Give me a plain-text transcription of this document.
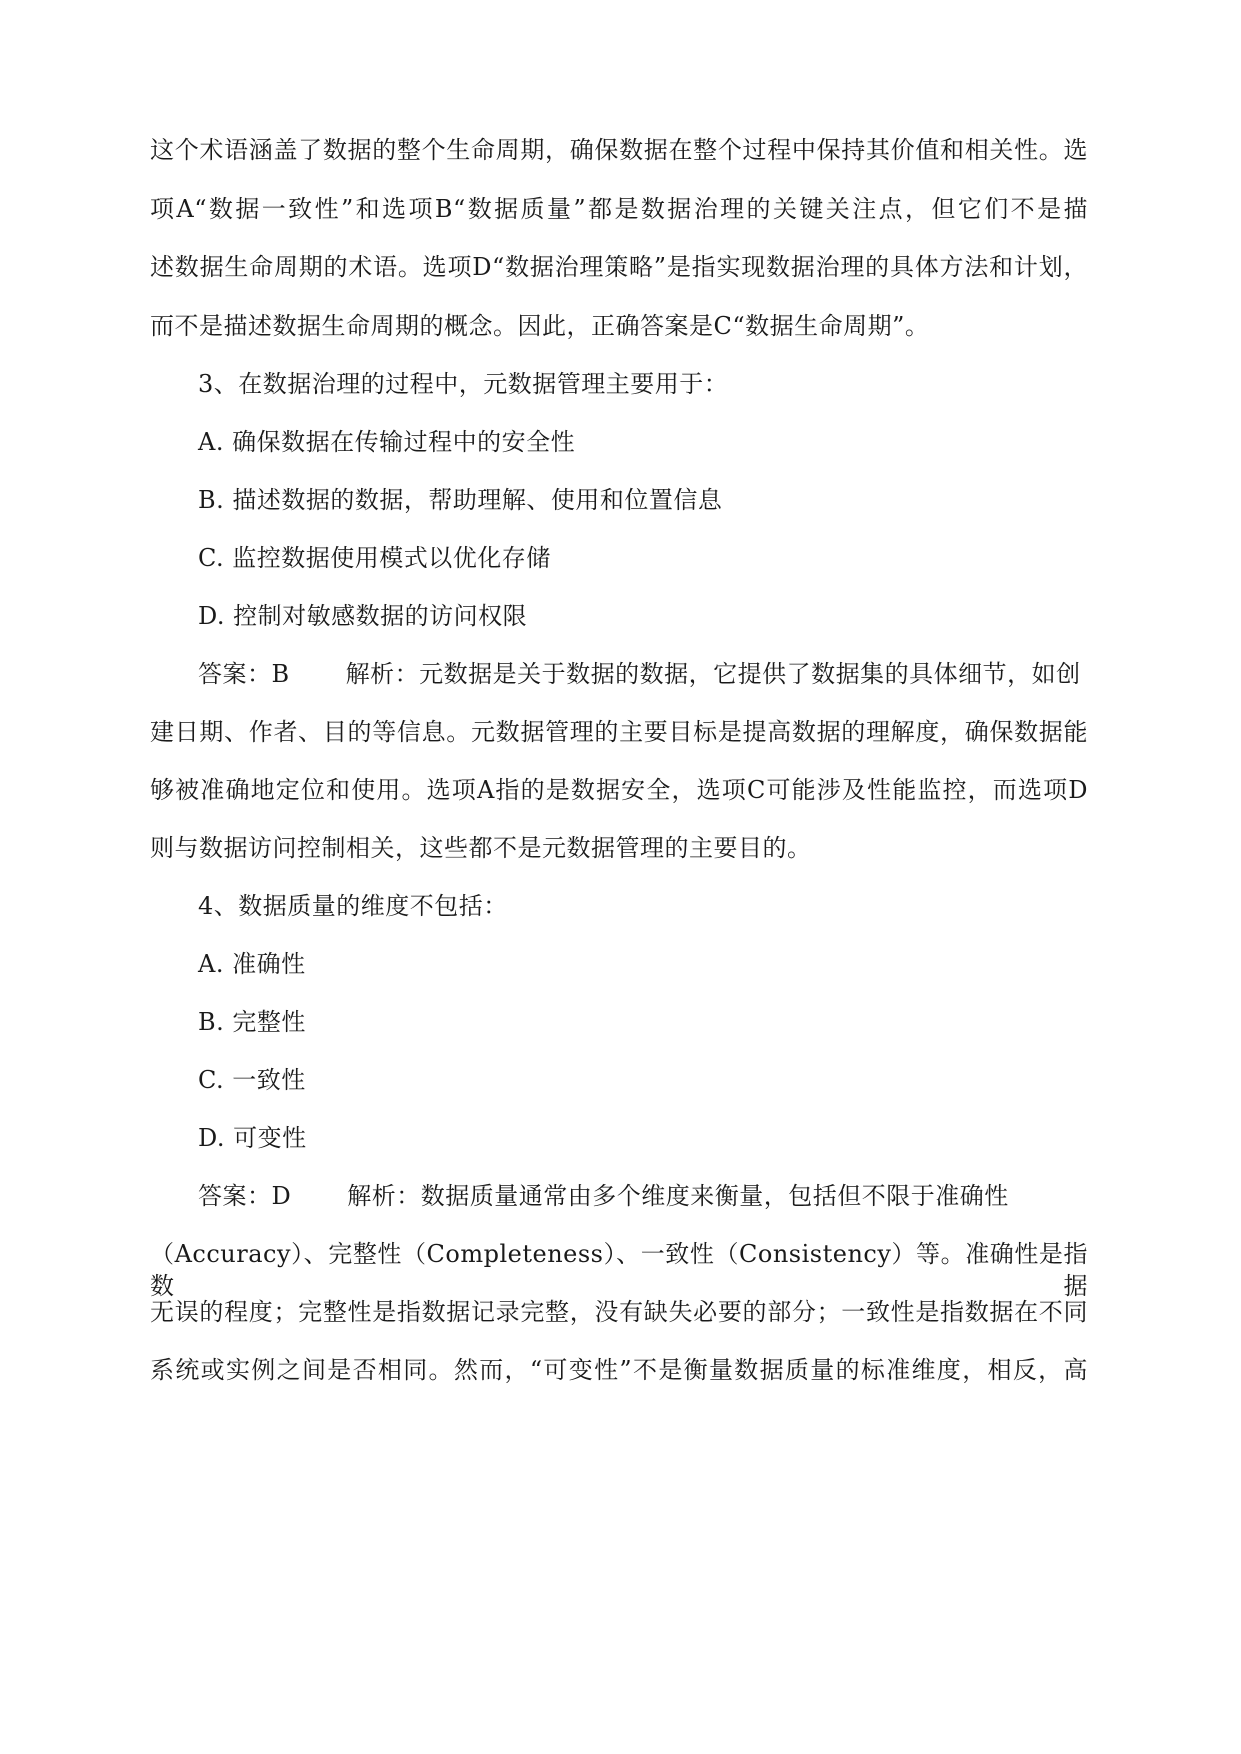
这个术语涵盖了数据的整个生命周期，确保数据在整个过程中保持其价值和相关性。选
项A“数据一致性”和选项B“数据质量”都是数据治理的关键关注点，但它们不是描
述数据生命周期的术语。选项D“数据治理策略”是指实现数据治理的具体方法和计划，
而不是描述数据生命周期的概念。因此，正确答案是C“数据生命周期”。
3、在数据治理的过程中，元数据管理主要用于：
A. 确保数据在传输过程中的安全性
B. 描述数据的数据，帮助理解、使用和位置信息
C. 监控数据使用模式以优化存储
D. 控制对敏感数据的访问权限
答案：B 解析：元数据是关于数据的数据，它提供了数据集的具体细节，如创
建日期、作者、目的等信息。元数据管理的主要目标是提高数据的理解度，确保数据能
够被准确地定位和使用。选项A指的是数据安全，选项C可能涉及性能监控，而选项D
则与数据访问控制相关，这些都不是元数据管理的主要目的。
4、数据质量的维度不包括：
A. 准确性
B. 完整性
C. 一致性
D. 可变性
答案：D 解析：数据质量通常由多个维度来衡量，包括但不限于准确性
（Accuracy）、完整性（Completeness）、一致性（Consistency）等。准确性是指数据
无误的程度；完整性是指数据记录完整，没有缺失必要的部分；一致性是指数据在不同
系统或实例之间是否相同。然而，“可变性”不是衡量数据质量的标准维度，相反，高
